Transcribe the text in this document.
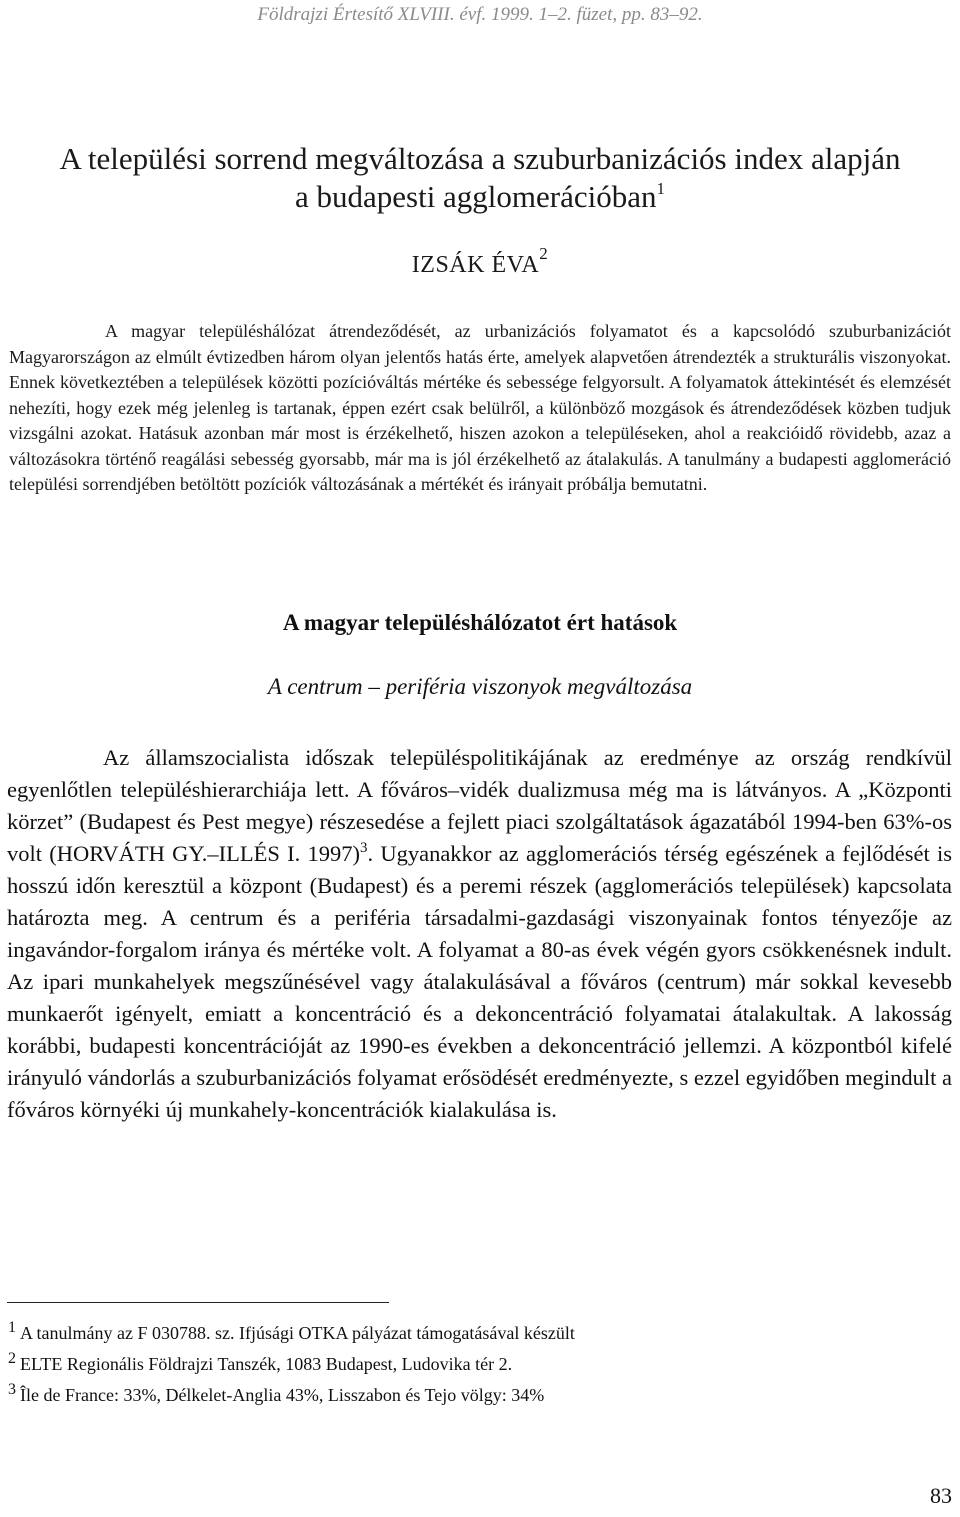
Földrajzi Értesítő XLVIII. évf. 1999. 1–2. füzet, pp. 83–92.
A települési sorrend megváltozása a szuburbanizációs index alapján
a budapesti agglomerációban$^1$
IZSÁK ÉVA$^2$

A magyar településhálózat átrendeződését, az urbanizációs folyamatot és a kapcsolódó szuburbanizációt Magyarországon az elmúlt évtizedben három olyan jelentős hatás érte, amelyek alapvetően átrendezték a strukturális viszonyokat. Ennek következtében a települések közötti pozícióváltás mértéke és sebessége felgyorsult. A folyamatok áttekintését és elemzését nehezíti, hogy ezek még jelenleg is tartanak, éppen ezért csak belülről, a különböző mozgások és átrendeződések közben tudjuk vizsgálni azokat. Hatásuk azonban már most is érzékelhető, hiszen azokon a településeken, ahol a reakcióidő rövidebb, azaz a változásokra történő reagálási sebesség gyorsabb, már ma is jól érzékelhető az átalakulás. A tanulmány a budapesti agglomeráció települési sorrendjében betöltött pozíciók változásának a mértékét és irányait próbálja bemutatni.

A magyar településhálózatot ért hatások
A centrum – periféria viszonyok megváltozása

Az államszocialista időszak településpolitikájának az eredménye az ország rendkívül egyenlőtlen településhierarchiája lett. A főváros–vidék dualizmusa még ma is látványos. A „Központi körzet” (Budapest és Pest megye) részesedése a fejlett piaci szolgáltatások ágazatából 1994-ben 63%-os volt (HORVÁTH GY.–ILLÉS I. 1997)$^3$. Ugyanakkor az agglomerációs térség egészének a fejlődését is hosszú időn keresztül a központ (Budapest) és a peremi részek (agglomerációs települések) kapcsolata határozta meg. A centrum és a periféria társadalmi-gazdasági viszonyainak fontos tényezője az ingavándor-forgalom iránya és mértéke volt. A folyamat a 80-as évek végén gyors csökkenésnek indult. Az ipari munkahelyek megszűnésével vagy átalakulásával a főváros (centrum) már sokkal kevesebb munkaerőt igényelt, emiatt a koncentráció és a dekoncentráció folyamatai átalakultak. A lakosság korábbi, budapesti koncentrációját az 1990-es években a dekoncentráció jellemzi. A központból kifelé irányuló vándorlás a szuburbanizációs folyamat erősödését eredményezte, s ezzel egyidőben megindult a főváros környéki új munkahely-koncentrációk kialakulása is.

1 A tanulmány az F 030788. sz. Ifjúsági OTKA pályázat támogatásával készült
2 ELTE Regionális Földrajzi Tanszék, 1083 Budapest, Ludovika tér 2.
3 Île de France: 33%, Délkelet-Anglia 43%, Lisszabon és Tejo völgy: 34%
83
